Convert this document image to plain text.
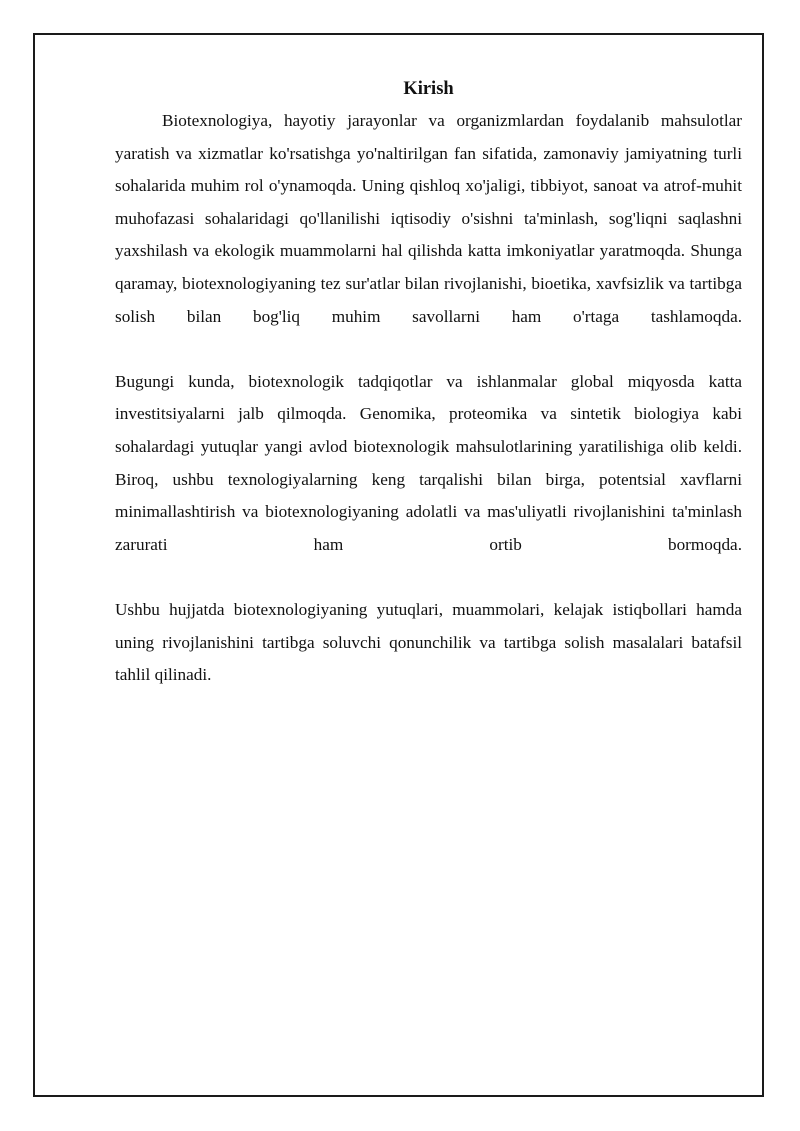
Kirish

Biotexnologiya, hayotiy jarayonlar va organizmlardan foydalanib mahsulotlar yaratish va xizmatlar ko'rsatishga yo'naltirilgan fan sifatida, zamonaviy jamiyatning turli sohalarida muhim rol o'ynamoqda. Uning qishloq xo'jaligi, tibbiyot, sanoat va atrof-muhit muhofazasi sohalaridagi qo'llanilishi iqtisodiy o'sishni ta'minlash, sog'liqni saqlashni yaxshilash va ekologik muammolarni hal qilishda katta imkoniyatlar yaratmoqda. Shunga qaramay, biotexnologiyaning tez sur'atlar bilan rivojlanishi, bioetika, xavfsizlik va tartibga solish bilan bog'liq muhim savollarni ham o'rtaga tashlamoqda.

Bugungi kunda, biotexnologik tadqiqotlar va ishlanmalar global miqyosda katta investitsiyalarni jalb qilmoqda. Genomika, proteomika va sintetik biologiya kabi sohalardagi yutuqlar yangi avlod biotexnologik mahsulotlarining yaratilishiga olib keldi. Biroq, ushbu texnologiyalarning keng tarqalishi bilan birga, potentsial xavflarni minimallashtirish va biotexnologiyaning adolatli va mas'uliyatli rivojlanishini ta'minlash zarurati ham ortib bormoqda.

Ushbu hujjatda biotexnologiyaning yutuqlari, muammolari, kelajak istiqbollari hamda uning rivojlanishini tartibga soluvchi qonunchilik va tartibga solish masalalari batafsil tahlil qilinadi.
